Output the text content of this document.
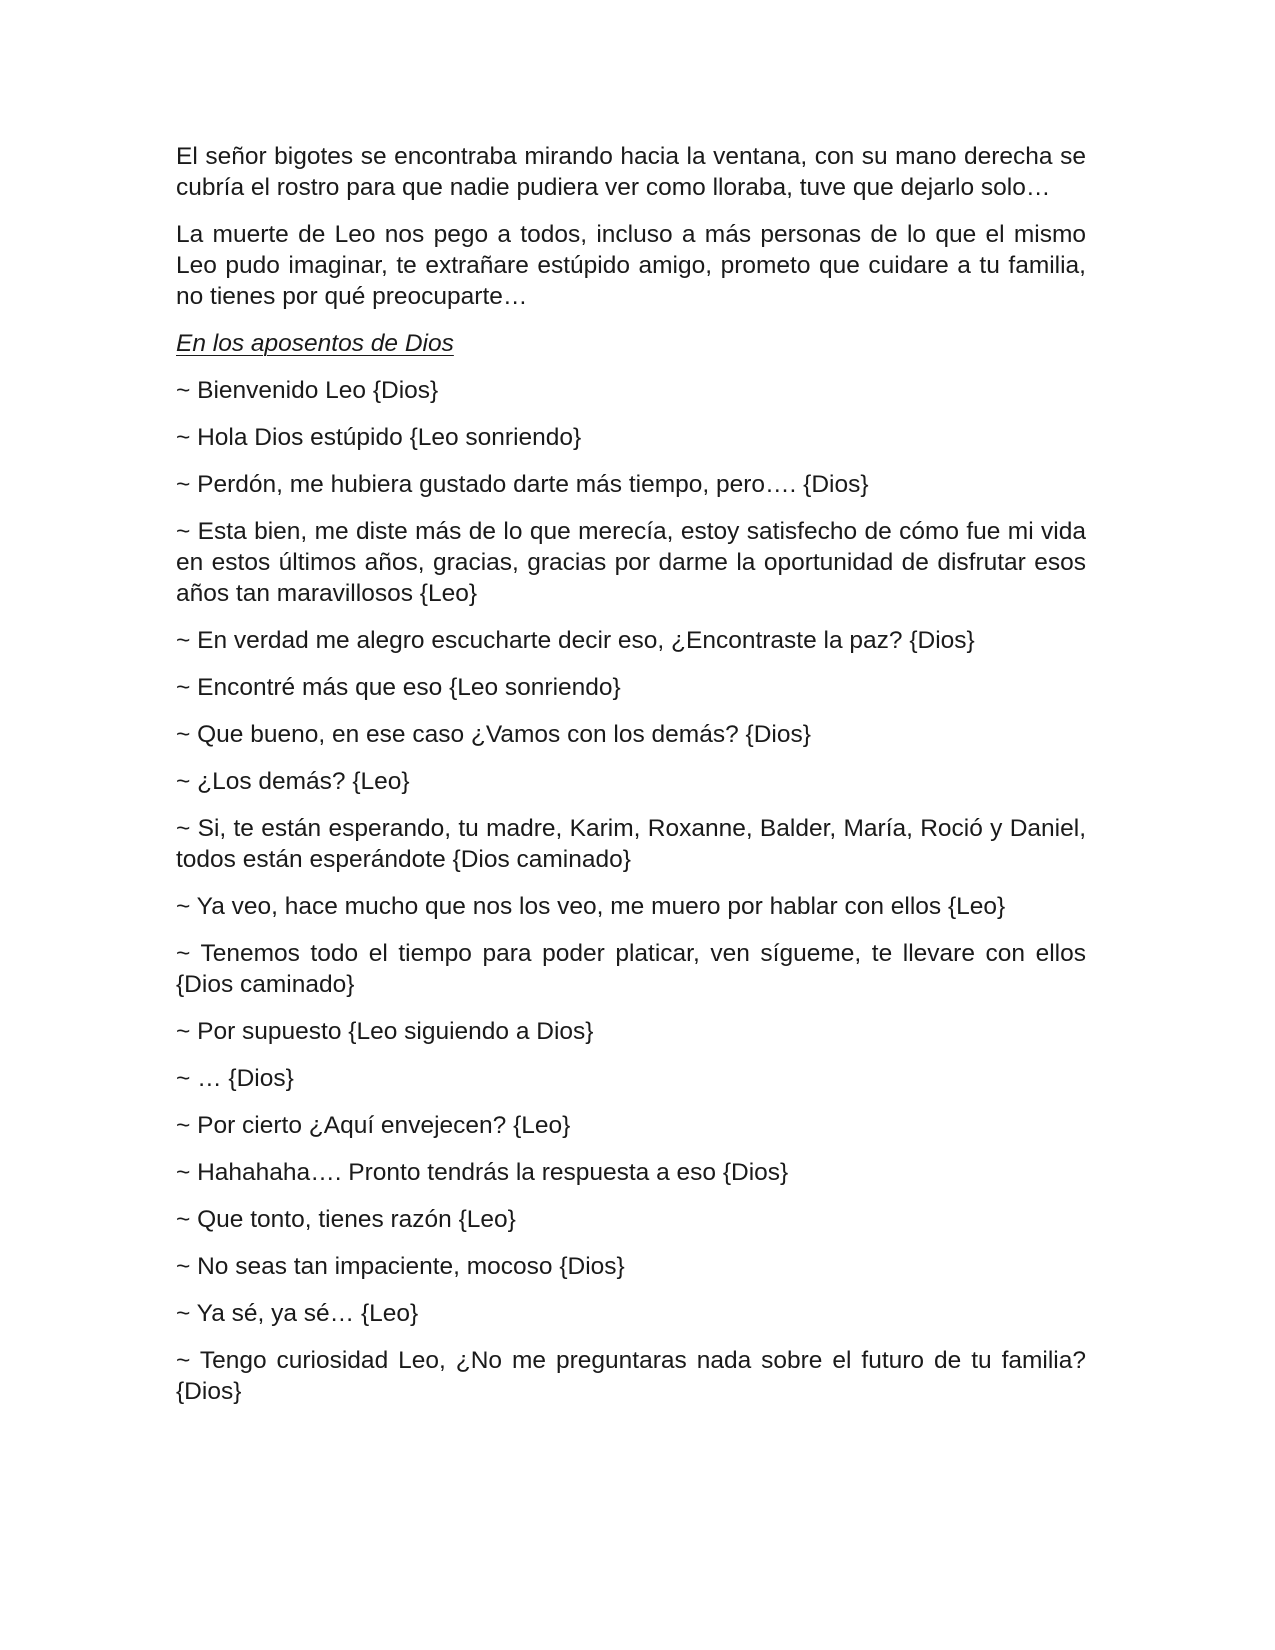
El señor bigotes se encontraba mirando hacia la ventana, con su mano derecha se cubría el rostro para que nadie pudiera ver como lloraba, tuve que dejarlo solo…

La muerte de Leo nos pego a todos, incluso a más personas de lo que el mismo Leo pudo imaginar, te extrañare estúpido amigo, prometo que cuidare a tu familia, no tienes por qué preocuparte…

En los aposentos de Dios

~ Bienvenido Leo {Dios}

~ Hola Dios estúpido {Leo sonriendo}

~ Perdón, me hubiera gustado darte más tiempo, pero…. {Dios}

~ Esta bien, me diste más de lo que merecía, estoy satisfecho de cómo fue mi vida en estos últimos años, gracias, gracias por darme la oportunidad de disfrutar esos años tan maravillosos {Leo}

~ En verdad me alegro escucharte decir eso, ¿Encontraste la paz? {Dios}

~ Encontré más que eso {Leo sonriendo}

~ Que bueno, en ese caso ¿Vamos con los demás? {Dios}

~ ¿Los demás? {Leo}

~ Si, te están esperando, tu madre, Karim, Roxanne, Balder, María, Roció y Daniel, todos están esperándote {Dios caminado}

~ Ya veo, hace mucho que nos los veo, me muero por hablar con ellos {Leo}

~ Tenemos todo el tiempo para poder platicar, ven sígueme, te llevare con ellos {Dios caminado}

~ Por supuesto {Leo siguiendo a Dios}

~ … {Dios}

~ Por cierto ¿Aquí envejecen? {Leo}

~ Hahahaha…. Pronto tendrás la respuesta a eso {Dios}

~ Que tonto, tienes razón {Leo}

~ No seas tan impaciente, mocoso {Dios}

~ Ya sé, ya sé… {Leo}

~ Tengo curiosidad Leo, ¿No me preguntaras nada sobre el futuro de tu familia? {Dios}
